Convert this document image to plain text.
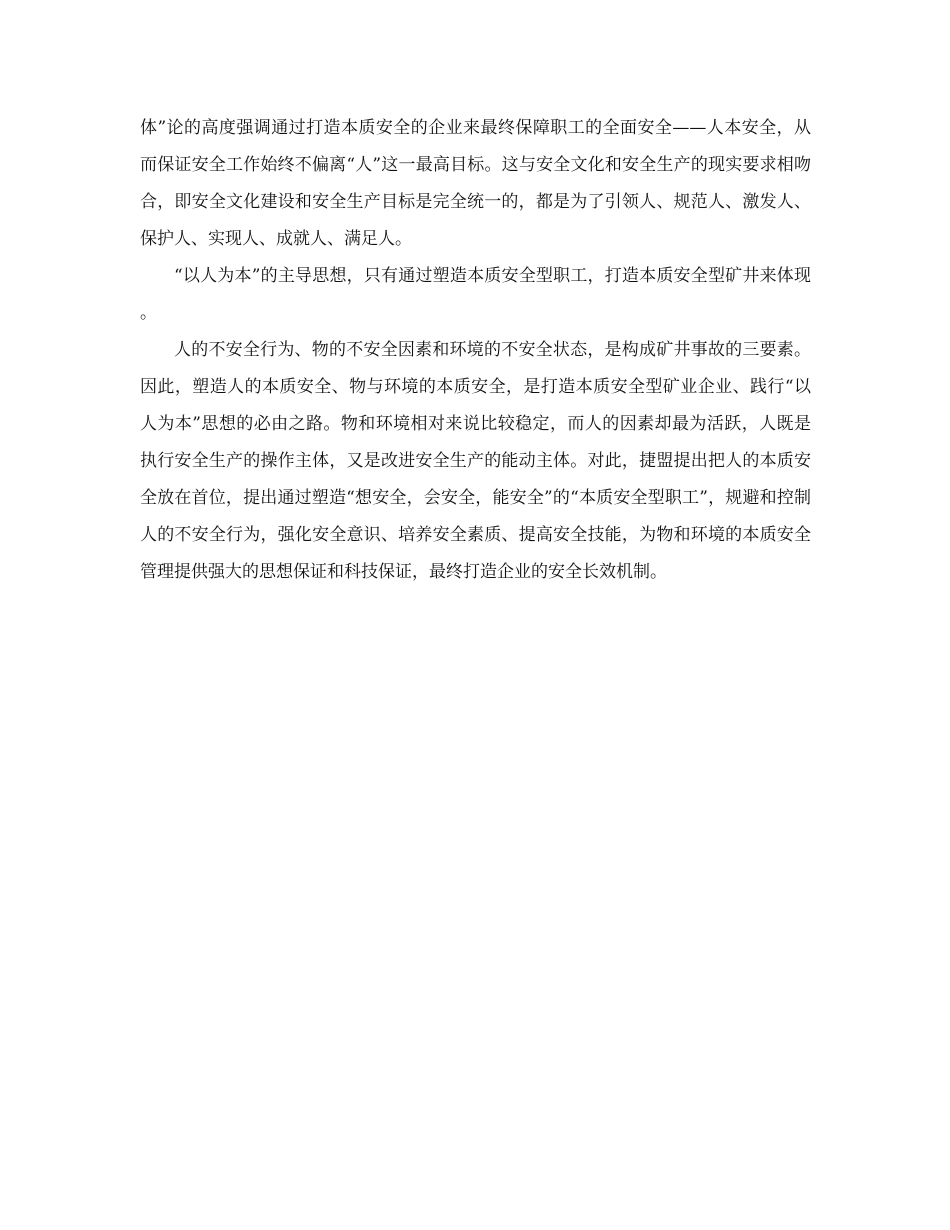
体”论的高度强调通过打造本质安全的企业来最终保障职工的全面安全——人本安全，从而保证安全工作始终不偏离“人”这一最高目标。这与安全文化和安全生产的现实要求相吻合，即安全文化建设和安全生产目标是完全统一的，都是为了引领人、规范人、激发人、保护人、实现人、成就人、满足人。

“以人为本”的主导思想，只有通过塑造本质安全型职工，打造本质安全型矿井来体现。

人的不安全行为、物的不安全因素和环境的不安全状态，是构成矿井事故的三要素。因此，塑造人的本质安全、物与环境的本质安全，是打造本质安全型矿业企业、践行“以人为本”思想的必由之路。物和环境相对来说比较稳定，而人的因素却最为活跃，人既是执行安全生产的操作主体，又是改进安全生产的能动主体。对此，捷盟提出把人的本质安全放在首位，提出通过塑造“想安全，会安全，能安全”的“本质安全型职工”，规避和控制人的不安全行为，强化安全意识、培养安全素质、提高安全技能，为物和环境的本质安全管理提供强大的思想保证和科技保证，最终打造企业的安全长效机制。
